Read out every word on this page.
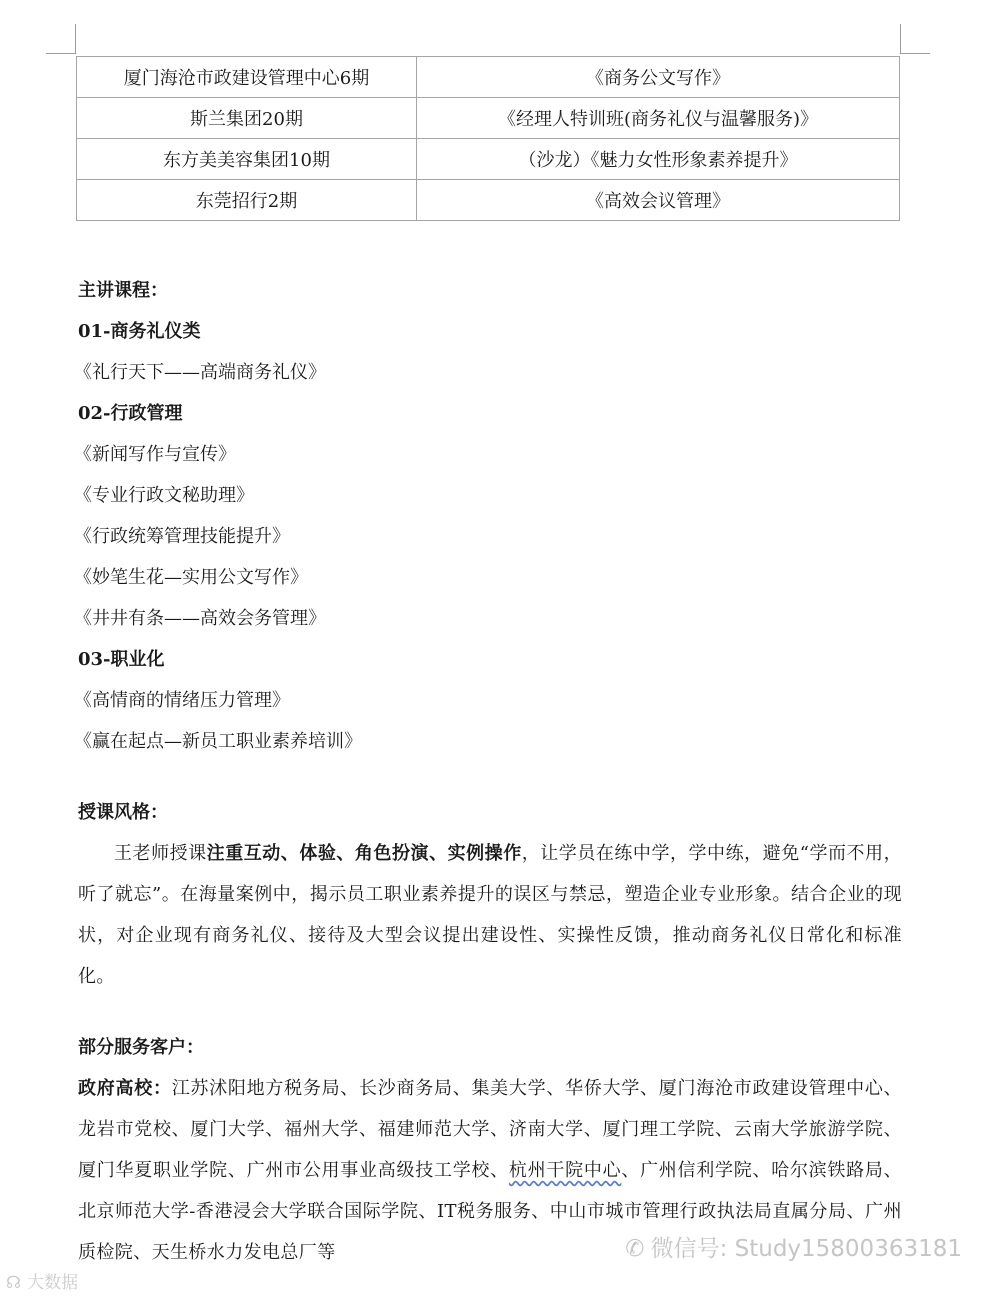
厦门海沧市政建设管理中心6期	《商务公文写作》
斯兰集团20期	《经理人特训班(商务礼仪与温馨服务)》
东方美美容集团10期	（沙龙）《魅力女性形象素养提升》
东莞招行2期	《高效会议管理》
主讲课程：
01-商务礼仪类
《礼行天下——高端商务礼仪》
02-行政管理
《新闻写作与宣传》
《专业行政文秘助理》
《行政统筹管理技能提升》
《妙笔生花—实用公文写作》
《井井有条——高效会务管理》
03-职业化
《高情商的情绪压力管理》
《赢在起点—新员工职业素养培训》
授课风格：
王老师授课注重互动、体验、角色扮演、实例操作，让学员在练中学，学中练，避免“学而不用，听了就忘”。在海量案例中，揭示员工职业素养提升的误区与禁忌，塑造企业专业形象。结合企业的现状，对企业现有商务礼仪、接待及大型会议提出建设性、实操性反馈，推动商务礼仪日常化和标准化。
部分服务客户：
政府高校：江苏沭阳地方税务局、长沙商务局、集美大学、华侨大学、厦门海沧市政建设管理中心、龙岩市党校、厦门大学、福州大学、福建师范大学、济南大学、厦门理工学院、云南大学旅游学院、厦门华夏职业学院、广州市公用事业高级技工学校、杭州干院中心、广州信利学院、哈尔滨铁路局、北京师范大学-香港浸会大学联合国际学院、IT税务服务、中山市城市管理行政执法局直属分局、广州质检院、天生桥水力发电总厂等	✆ 微信号: Study15800363181
☊ 大数据
